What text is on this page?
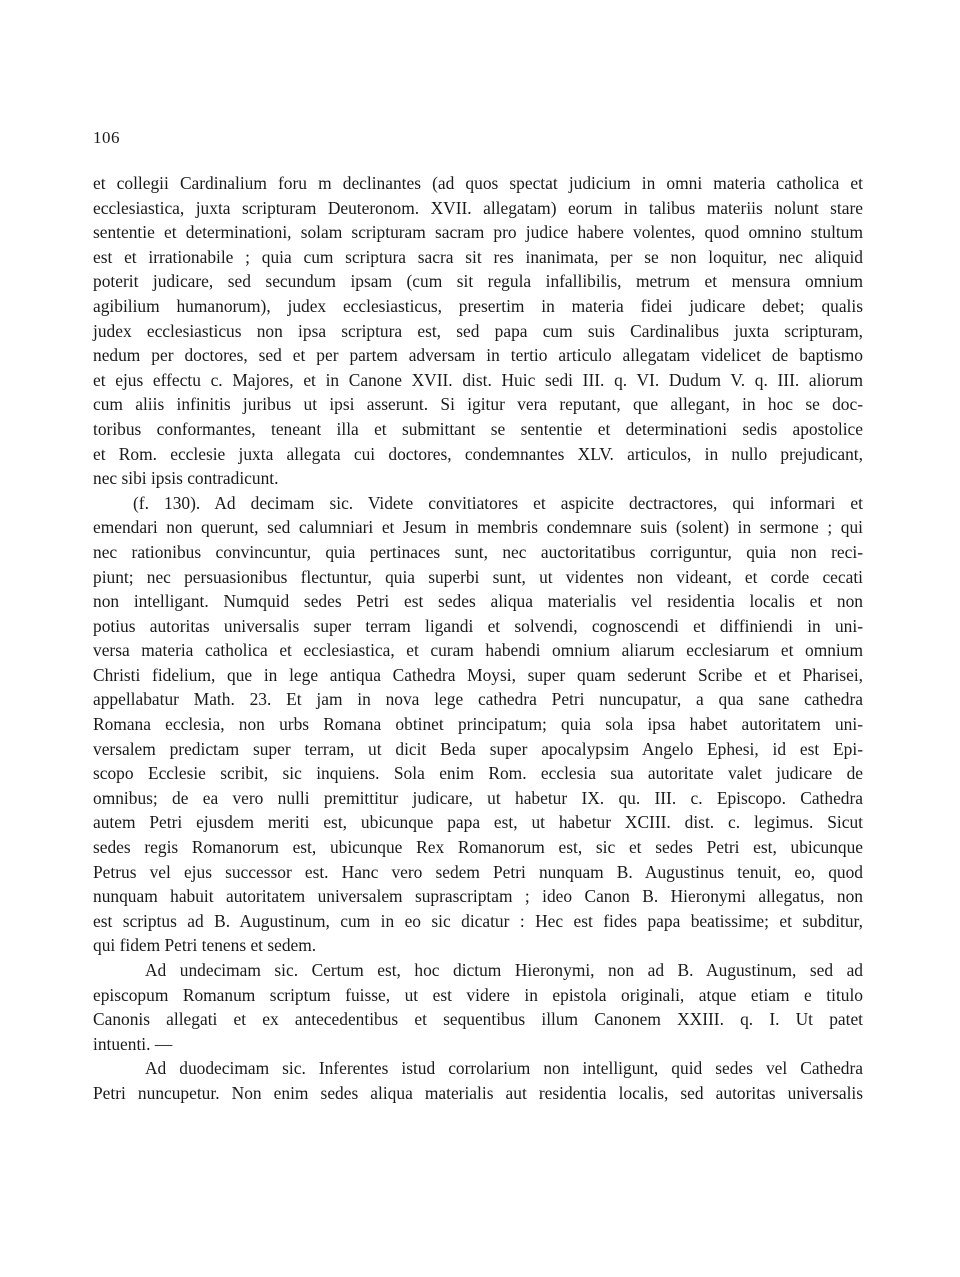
106
et collegii Cardinalium foru m declinantes (ad quos spectat judicium in omni materia catholica et
ecclesiastica, juxta scripturam Deuteronom. XVII. allegatam) eorum in talibus materiis nolunt stare
sententie et determinationi, solam scripturam sacram pro judice habere volentes, quod omnino stultum
est et irrationabile ; quia cum scriptura sacra sit res inanimata, per se non loquitur, nec aliquid
poterit judicare, sed secundum ipsam (cum sit regula infallibilis, metrum et mensura omnium
agibilium humanorum), judex ecclesiasticus, presertim in materia fidei judicare debet; qualis
judex ecclesiasticus non ipsa scriptura est, sed papa cum suis Cardinalibus juxta scripturam,
nedum per doctores, sed et per partem adversam in tertio articulo allegatam videlicet de baptismo
et ejus effectu c. Majores, et in Canone XVII. dist. Huic sedi III. q. VI. Dudum V. q. III. aliorum
cum aliis infinitis juribus ut ipsi asserunt. Si igitur vera reputant, que allegant, in hoc se doc-
toribus conformantes, teneant illa et submittant se sententie et determinationi sedis apostolice
et Rom. ecclesie juxta allegata cui doctores, condemnantes XLV. articulos, in nullo prejudicant,
nec sibi ipsis contradicunt.
(f. 130). Ad decimam sic. Videte convitiatores et aspicite dectractores, qui informari et
emendari non querunt, sed calumniari et Jesum in membris condemnare suis (solent) in sermone ; qui
nec rationibus convincuntur, quia pertinaces sunt, nec auctoritatibus corriguntur, quia non reci-
piunt; nec persuasionibus flectuntur, quia superbi sunt, ut videntes non videant, et corde cecati
non intelligant. Numquid sedes Petri est sedes aliqua materialis vel residentia localis et non
potius autoritas universalis super terram ligandi et solvendi, cognoscendi et diffiniendi in uni-
versa materia catholica et ecclesiastica, et curam habendi omnium aliarum ecclesiarum et omnium
Christi fidelium, que in lege antiqua Cathedra Moysi, super quam sederunt Scribe et et Pharisei,
appellabatur Math. 23. Et jam in nova lege cathedra Petri nuncupatur, a qua sane cathedra
Romana ecclesia, non urbs Romana obtinet principatum; quia sola ipsa habet autoritatem uni-
versalem predictam super terram, ut dicit Beda super apocalypsim Angelo Ephesi, id est Epi-
scopo Ecclesie scribit, sic inquiens. Sola enim Rom. ecclesia sua autoritate valet judicare de
omnibus; de ea vero nulli premittitur judicare, ut habetur IX. qu. III. c. Episcopo. Cathedra
autem Petri ejusdem meriti est, ubicunque papa est, ut habetur XCIII. dist. c. legimus. Sicut
sedes regis Romanorum est, ubicunque Rex Romanorum est, sic et sedes Petri est, ubicunque
Petrus vel ejus successor est. Hanc vero sedem Petri nunquam B. Augustinus tenuit, eo, quod
nunquam habuit autoritatem universalem suprascriptam ; ideo Canon B. Hieronymi allegatus, non
est scriptus ad B. Augustinum, cum in eo sic dicatur : Hec est fides papa beatissime; et subditur,
qui fidem Petri tenens et sedem.
Ad undecimam sic. Certum est, hoc dictum Hieronymi, non ad B. Augustinum, sed ad
episcopum Romanum scriptum fuisse, ut est videre in epistola originali, atque etiam e titulo
Canonis allegati et ex antecedentibus et sequentibus illum Canonem XXIII. q. I. Ut patet
intuenti. —
Ad duodecimam sic. Inferentes istud corrolarium non intelligunt, quid sedes vel Cathedra
Petri nuncupetur. Non enim sedes aliqua materialis aut residentia localis, sed autoritas universalis
